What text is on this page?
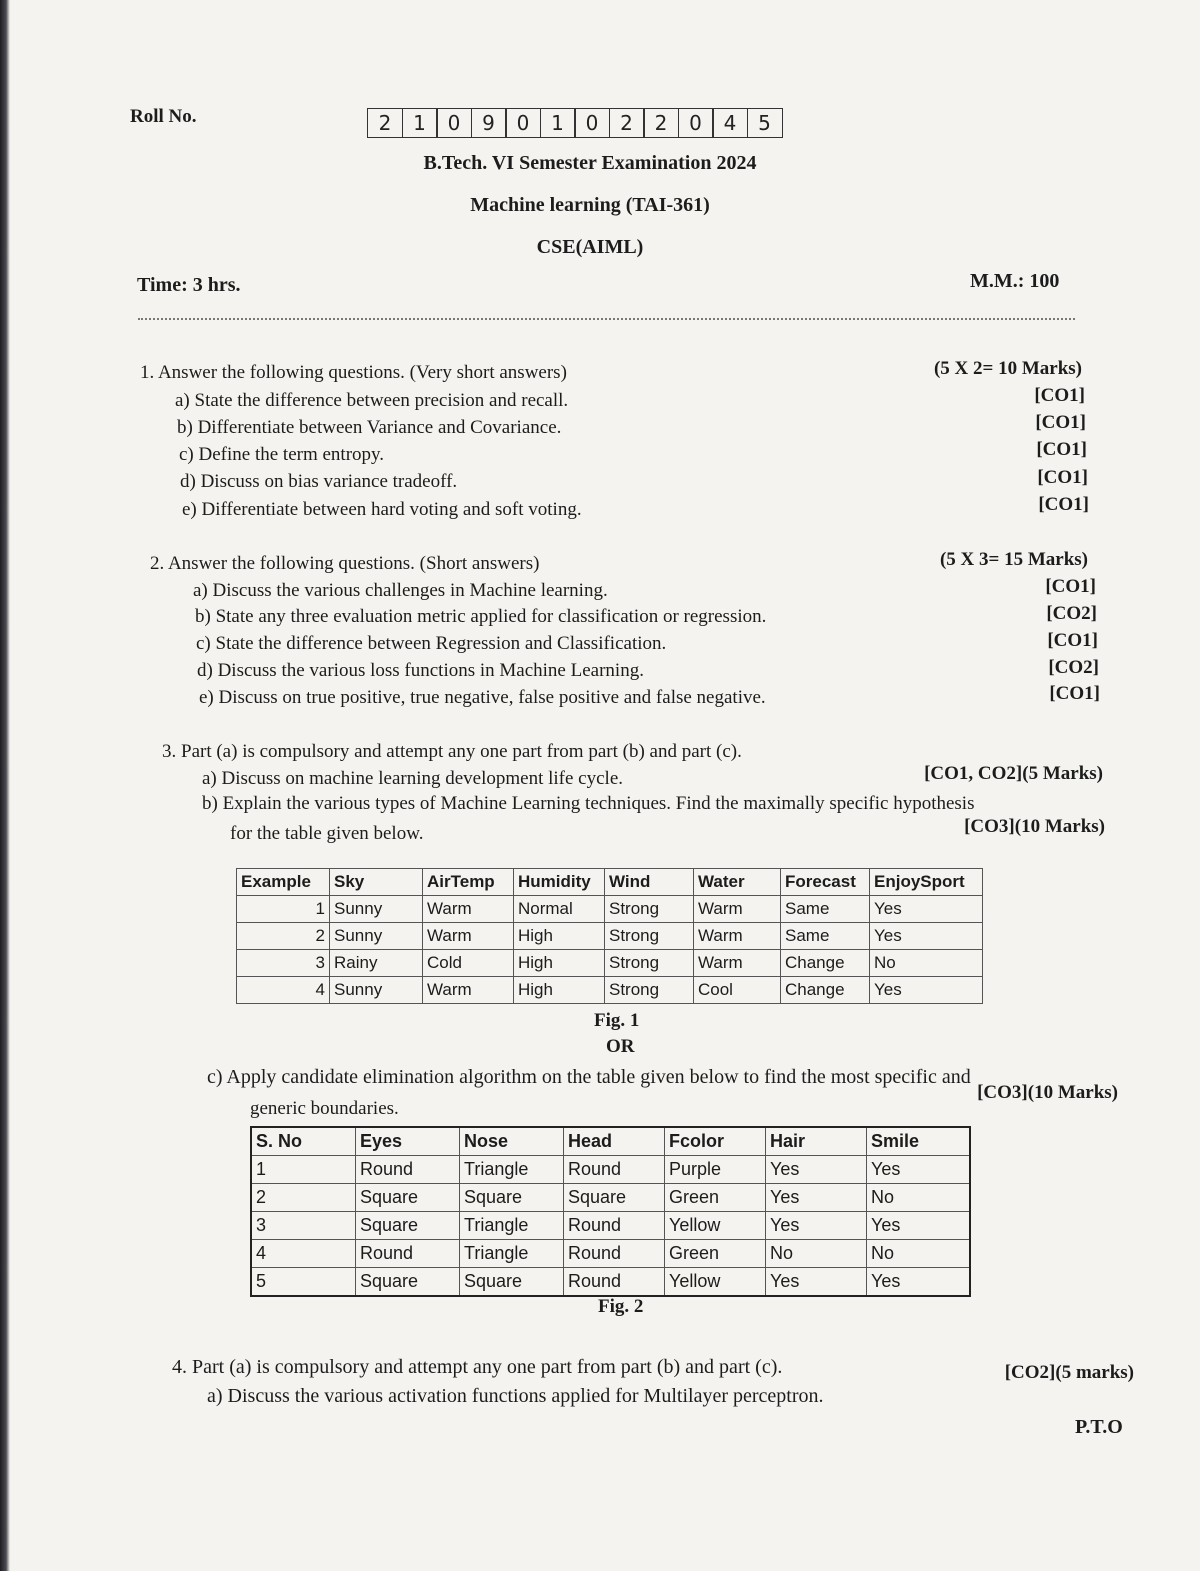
Roll No.	2	1	0	9	0	1	0	2	2	0	4	5
B.Tech. VI Semester Examination 2024
Machine learning (TAI-361)
CSE(AIML)
Time: 3 hrs.	M.M.: 100
1. Answer the following questions. (Very short answers)	(5 X 2= 10 Marks)
a) State the difference between precision and recall.	[CO1]
b) Differentiate between Variance and Covariance.	[CO1]
c) Define the term entropy.	[CO1]
d) Discuss on bias variance tradeoff.	[CO1]
e) Differentiate between hard voting and soft voting.	[CO1]
2. Answer the following questions. (Short answers)	(5 X 3= 15 Marks)
a) Discuss the various challenges in Machine learning.	[CO1]
b) State any three evaluation metric applied for classification or regression.	[CO2]
c) State the difference between Regression and Classification.	[CO1]
d) Discuss the various loss functions in Machine Learning.	[CO2]
e) Discuss on true positive, true negative, false positive and false negative.	[CO1]
3. Part (a) is compulsory and attempt any one part from part (b) and part (c).
a) Discuss on machine learning development life cycle.	[CO1, CO2](5 Marks)
b) Explain the various types of Machine Learning techniques. Find the maximally specific hypothesis
for the table given below.	[CO3](10 Marks)
Example	Sky	AirTemp	Humidity	Wind	Water	Forecast	EnjoySport
1	Sunny	Warm	Normal	Strong	Warm	Same	Yes
2	Sunny	Warm	High	Strong	Warm	Same	Yes
3	Rainy	Cold	High	Strong	Warm	Change	No
4	Sunny	Warm	High	Strong	Cool	Change	Yes
Fig. 1
OR
c) Apply candidate elimination algorithm on the table given below to find the most specific and
generic boundaries.
[CO3](10 Marks)
S. No	Eyes	Nose	Head	Fcolor	Hair	Smile
1	Round	Triangle	Round	Purple	Yes	Yes
2	Square	Square	Square	Green	Yes	No
3	Square	Triangle	Round	Yellow	Yes	Yes
4	Round	Triangle	Round	Green	No	No
5	Square	Square	Round	Yellow	Yes	Yes
Fig. 2
4. Part (a) is compulsory and attempt any one part from part (b) and part (c).
a) Discuss the various activation functions applied for Multilayer perceptron.
[CO2](5 marks)
P.T.O
